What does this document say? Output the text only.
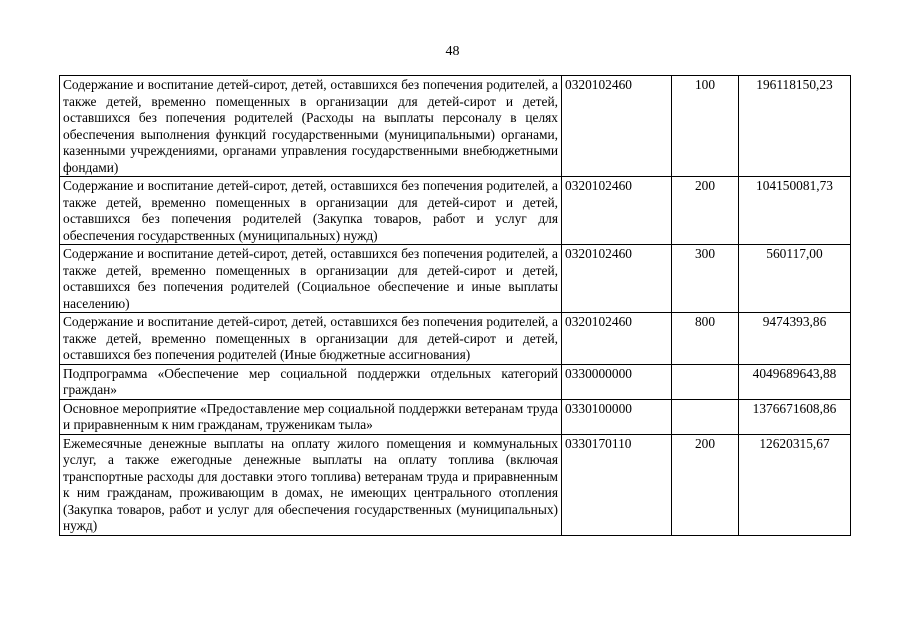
48
Содержание и воспитание детей-сирот, детей, оставшихся без попечения родителей, а также детей, временно помещенных в организации для детей-сирот и детей, оставшихся без попечения родителей (Расходы на выплаты персоналу в целях обеспечения выполнения функций государственными (муниципальными) органами, казенными учреждениями, органами управления государственными внебюджетными фондами)	0320102460	100	196118150,23
Содержание и воспитание детей-сирот, детей, оставшихся без попечения родителей, а также детей, временно помещенных в организации для детей-сирот и детей, оставшихся без попечения родителей (Закупка товаров, работ и услуг для обеспечения государственных (муниципальных) нужд)	0320102460	200	104150081,73
Содержание и воспитание детей-сирот, детей, оставшихся без попечения родителей, а также детей, временно помещенных в организации для детей-сирот и детей, оставшихся без попечения родителей (Социальное обеспечение и иные выплаты населению)	0320102460	300	560117,00
Содержание и воспитание детей-сирот, детей, оставшихся без попечения родителей, а также детей, временно помещенных в организации для детей-сирот и детей, оставшихся без попечения родителей (Иные бюджетные ассигнования)	0320102460	800	9474393,86
Подпрограмма «Обеспечение мер социальной поддержки отдельных категорий граждан»	0330000000		4049689643,88
Основное мероприятие «Предоставление мер социальной поддержки ветеранам труда и приравненным к ним гражданам, труженикам тыла»	0330100000		1376671608,86
Ежемесячные денежные выплаты на оплату жилого помещения и коммунальных услуг, а также ежегодные денежные выплаты на оплату топлива (включая транспортные расходы для доставки этого топлива) ветеранам труда и приравненным к ним гражданам, проживающим в домах, не имеющих центрального отопления (Закупка товаров, работ и услуг для обеспечения государственных (муниципальных) нужд)	0330170110	200	12620315,67
